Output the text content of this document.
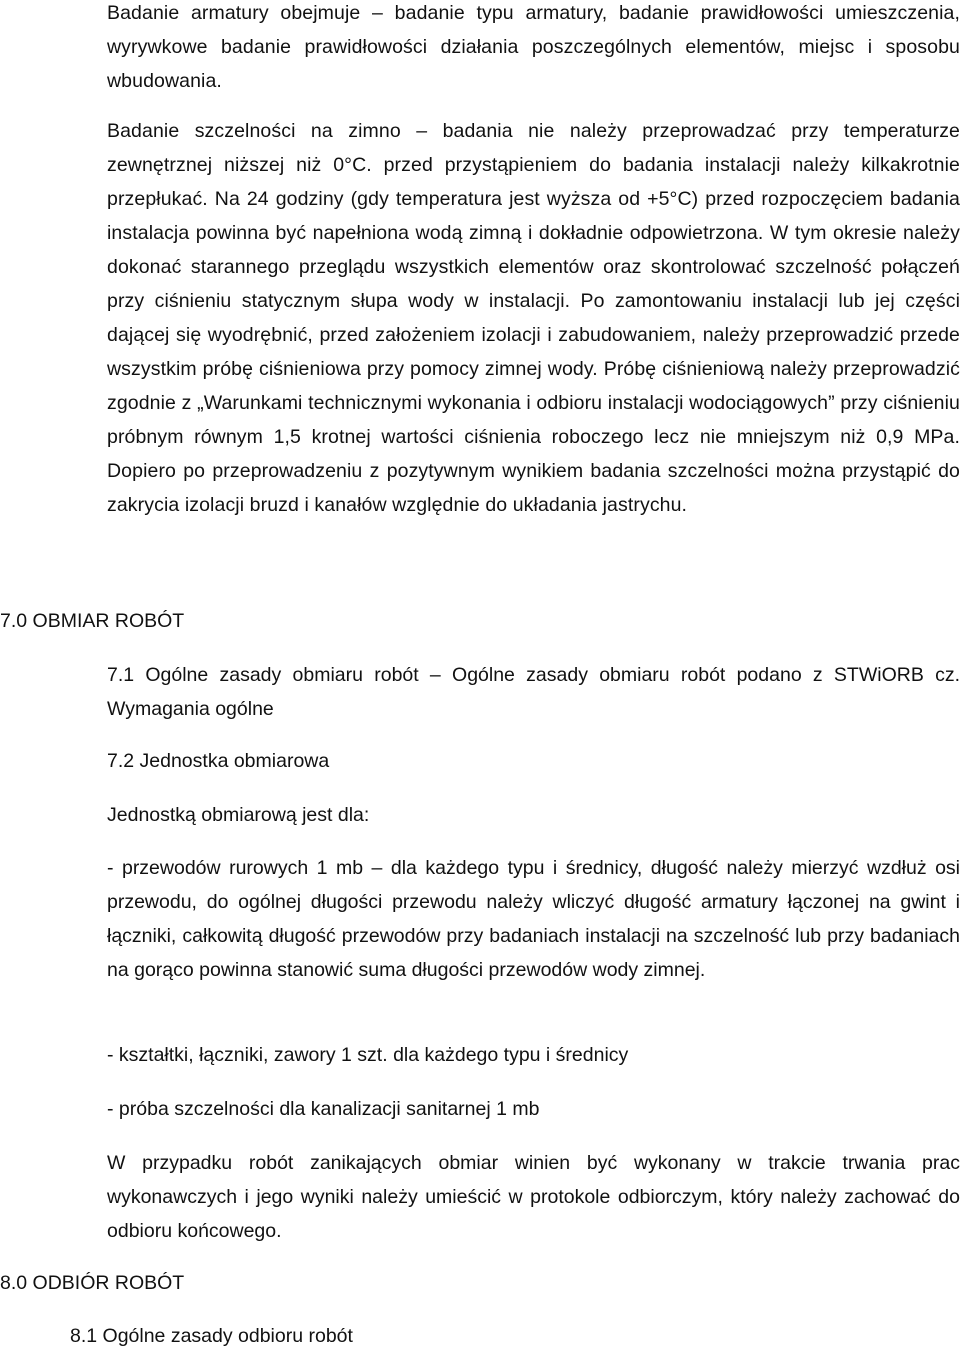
Badanie armatury obejmuje – badanie typu armatury, badanie prawidłowości umieszczenia, wyrywkowe badanie prawidłowości działania poszczególnych elementów, miejsc i sposobu wbudowania.

Badanie szczelności na zimno – badania nie należy przeprowadzać przy temperaturze zewnętrznej niższej niż 0°C. przed przystąpieniem do badania instalacji należy kilkakrotnie przepłukać. Na 24 godziny (gdy temperatura jest wyższa od +5°C) przed rozpoczęciem badania instalacja powinna być napełniona wodą zimną i dokładnie odpowietrzona. W tym okresie należy dokonać starannego przeglądu wszystkich elementów oraz skontrolować szczelność połączeń przy ciśnieniu statycznym słupa wody w instalacji. Po zamontowaniu instalacji lub jej części dającej się wyodrębnić, przed założeniem izolacji i zabudowaniem, należy przeprowadzić przede wszystkim próbę ciśnieniowa przy pomocy zimnej wody. Próbę ciśnieniową należy przeprowadzić zgodnie z „Warunkami technicznymi wykonania i odbioru instalacji wodociągowych” przy ciśnieniu próbnym równym 1,5 krotnej wartości ciśnienia roboczego lecz nie mniejszym niż 0,9 MPa. Dopiero po przeprowadzeniu z pozytywnym wynikiem badania szczelności można przystąpić do zakrycia izolacji bruzd i kanałów względnie do układania jastrychu.

7.0 OBMIAR ROBÓT

7.1 Ogólne zasady obmiaru robót – Ogólne zasady obmiaru robót podano z STWiORB cz. Wymagania ogólne

7.2 Jednostka obmiarowa
Jednostką obmiarową jest dla:

- przewodów rurowych 1 mb – dla każdego typu i średnicy, długość należy mierzyć wzdłuż osi przewodu, do ogólnej długości przewodu należy wliczyć długość armatury łączonej na gwint i łączniki, całkowitą długość przewodów przy badaniach instalacji na szczelność lub przy badaniach na gorąco powinna stanowić suma długości przewodów wody zimnej.

- kształtki, łączniki, zawory 1 szt. dla każdego typu i średnicy
- próba szczelności dla kanalizacji sanitarnej 1 mb

W przypadku robót zanikających obmiar winien być wykonany w trakcie trwania prac wykonawczych i jego wyniki należy umieścić w protokole odbiorczym, który należy zachować do odbioru końcowego.

8.0 ODBIÓR ROBÓT
8.1 Ogólne zasady odbioru robót
